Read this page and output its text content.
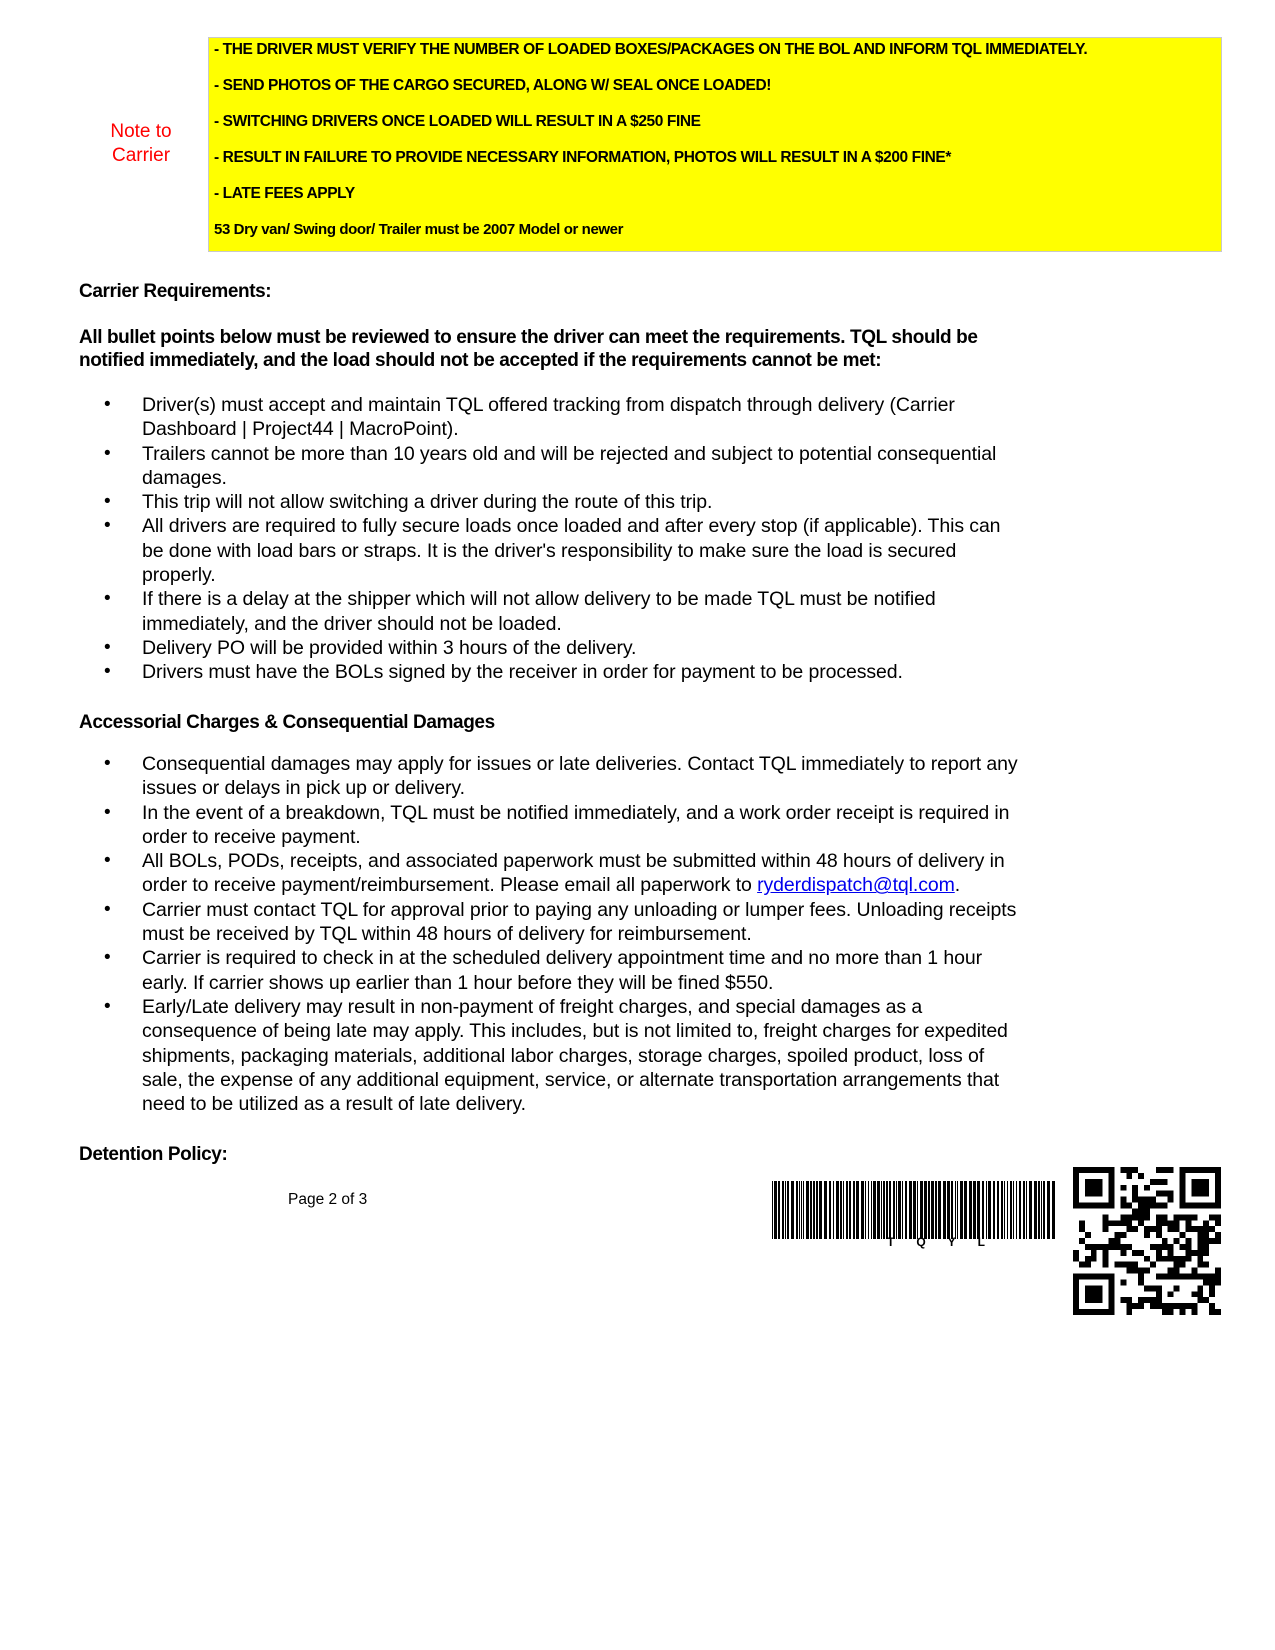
Note to
Carrier
- THE DRIVER MUST VERIFY THE NUMBER OF LOADED BOXES/PACKAGES ON THE BOL AND INFORM TQL IMMEDIATELY.
- SEND PHOTOS OF THE CARGO SECURED, ALONG W/ SEAL ONCE LOADED!
- SWITCHING DRIVERS ONCE LOADED WILL RESULT IN A $250 FINE
- RESULT IN FAILURE TO PROVIDE NECESSARY INFORMATION, PHOTOS WILL RESULT IN A $200 FINE*
- LATE FEES APPLY
53 Dry van/ Swing door/ Trailer must be 2007 Model or newer
Carrier Requirements:
All bullet points below must be reviewed to ensure the driver can meet the requirements. TQL should be
notified immediately, and the load should not be accepted if the requirements cannot be met:
• Driver(s) must accept and maintain TQL offered tracking from dispatch through delivery (Carrier
Dashboard | Project44 | MacroPoint).
• Trailers cannot be more than 10 years old and will be rejected and subject to potential consequential
damages.
• This trip will not allow switching a driver during the route of this trip.
• All drivers are required to fully secure loads once loaded and after every stop (if applicable). This can
be done with load bars or straps. It is the driver's responsibility to make sure the load is secured
properly.
• If there is a delay at the shipper which will not allow delivery to be made TQL must be notified
immediately, and the driver should not be loaded.
• Delivery PO will be provided within 3 hours of the delivery.
• Drivers must have the BOLs signed by the receiver in order for payment to be processed.
Accessorial Charges & Consequential Damages
• Consequential damages may apply for issues or late deliveries. Contact TQL immediately to report any
issues or delays in pick up or delivery.
• In the event of a breakdown, TQL must be notified immediately, and a work order receipt is required in
order to receive payment.
• All BOLs, PODs, receipts, and associated paperwork must be submitted within 48 hours of delivery in
order to receive payment/reimbursement. Please email all paperwork to ryderdispatch@tql.com.
• Carrier must contact TQL for approval prior to paying any unloading or lumper fees. Unloading receipts
must be received by TQL within 48 hours of delivery for reimbursement.
• Carrier is required to check in at the scheduled delivery appointment time and no more than 1 hour
early. If carrier shows up earlier than 1 hour before they will be fined $550.
• Early/Late delivery may result in non-payment of freight charges, and special damages as a
consequence of being late may apply. This includes, but is not limited to, freight charges for expedited
shipments, packaging materials, additional labor charges, storage charges, spoiled product, loss of
sale, the expense of any additional equipment, service, or alternate transportation arrangements that
need to be utilized as a result of late delivery.
Detention Policy:
Page 2 of 3
TQYL
